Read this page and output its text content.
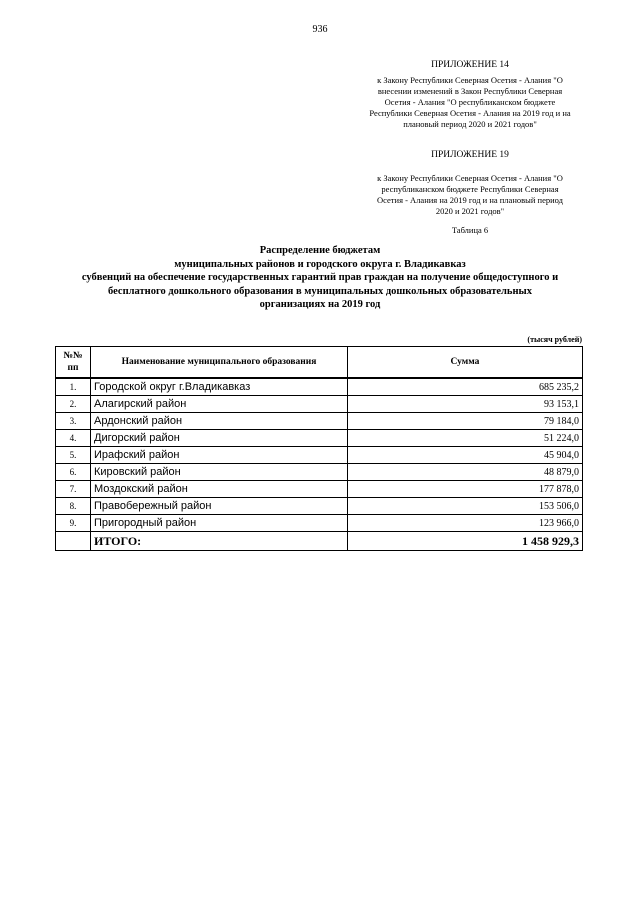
936
ПРИЛОЖЕНИЕ 14
к Закону Республики Северная Осетия - Алания "О
внесении изменений в Закон Республики Северная
Осетия - Алания "О республиканском бюджете
Республики Северная Осетия - Алания на 2019 год и на
плановый период 2020 и 2021 годов"
ПРИЛОЖЕНИЕ 19
к Закону Республики Северная Осетия - Алания "О
республиканском бюджете Республики Северная
Осетия - Алания на 2019 год и на плановый период
2020 и 2021 годов"
Таблица 6
Распределение бюджетам
муниципальных районов и городского округа г. Владикавказ
субвенций на обеспечение государственных гарантий прав граждан на получение общедоступного и
бесплатного дошкольного образования в муниципальных дошкольных образовательных
организациях на 2019 год
(тысяч рублей)
№№ пп	Наименование муниципального образования	Сумма
1.	Городской округ г.Владикавказ	685 235,2
2.	Алагирский район	93 153,1
3.	Ардонский район	79 184,0
4.	Дигорский район	51 224,0
5.	Ирафский район	45 904,0
6.	Кировский район	48 879,0
7.	Моздокский район	177 878,0
8.	Правобережный район	153 506,0
9.	Пригородный район	123 966,0
	ИТОГО:	1 458 929,3
